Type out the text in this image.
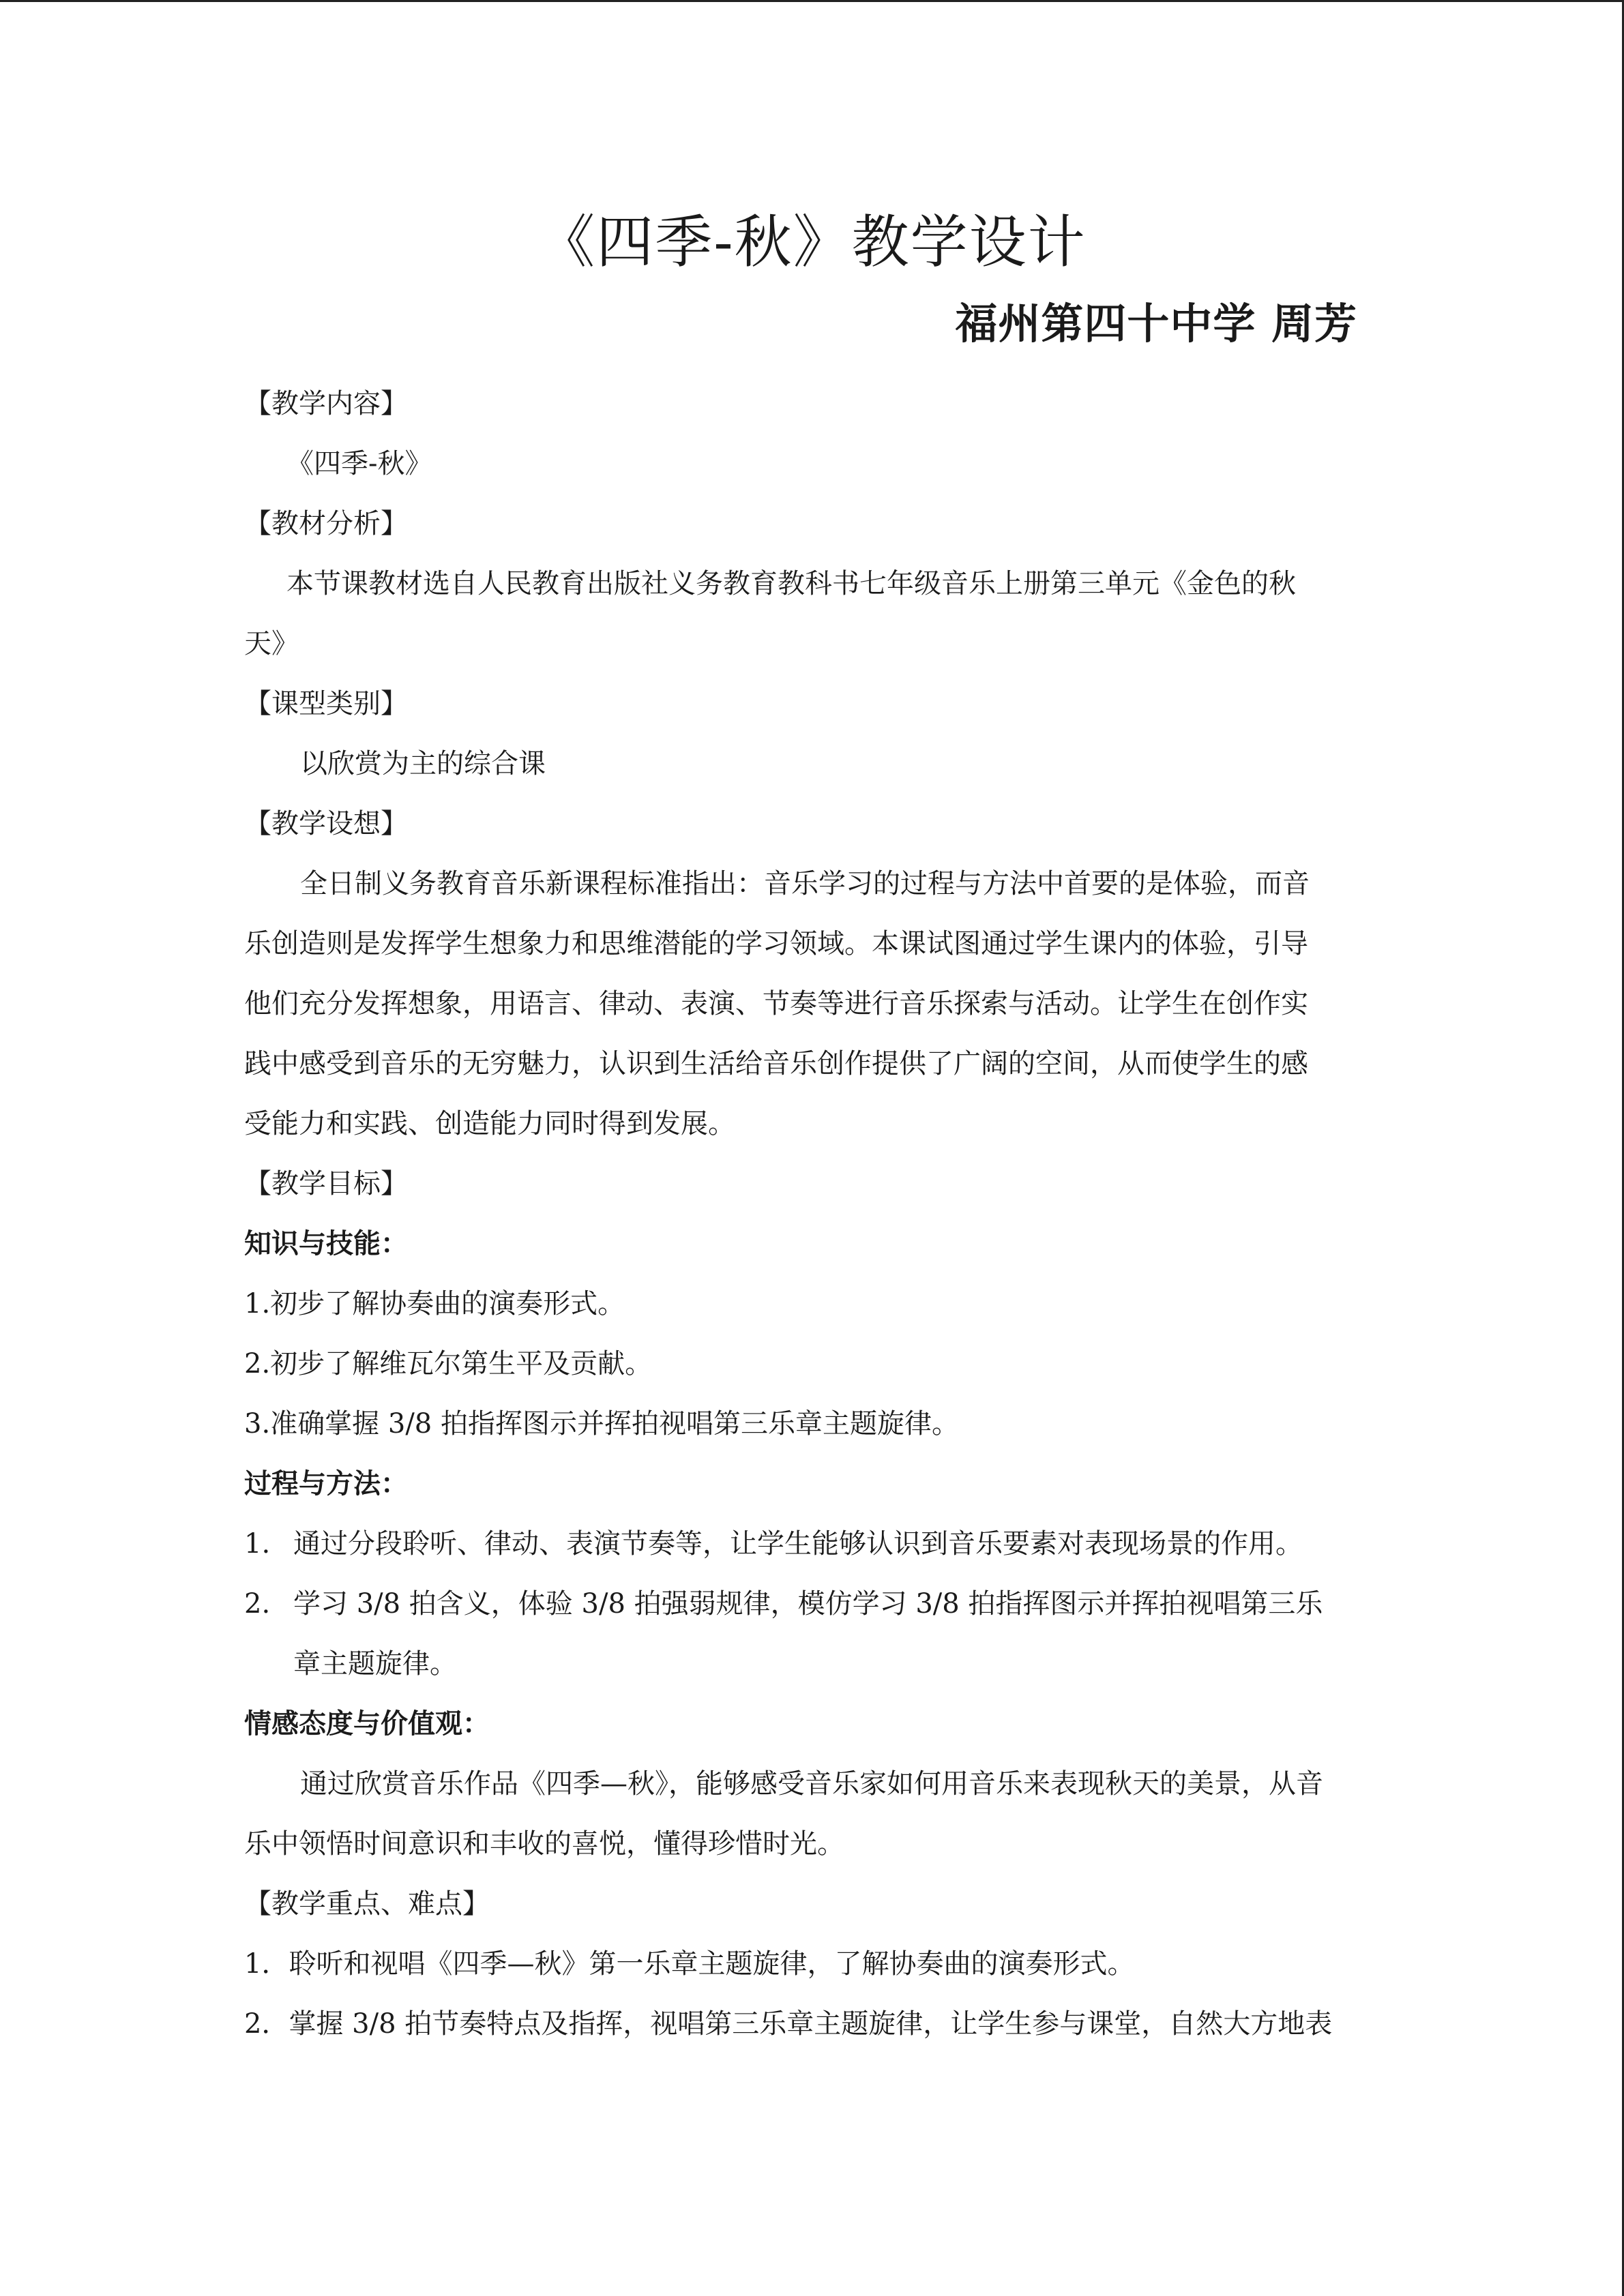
《四季-秋》教学设计
福州第四十中学 周芳
【教学内容】
《四季-秋》
【教材分析】
本节课教材选自人民教育出版社义务教育教科书七年级音乐上册第三单元《金色的秋
天》
【课型类别】
以欣赏为主的综合课
【教学设想】
全日制义务教育音乐新课程标准指出：音乐学习的过程与方法中首要的是体验，而音
乐创造则是发挥学生想象力和思维潜能的学习领域。本课试图通过学生课内的体验，引导
他们充分发挥想象，用语言、律动、表演、节奏等进行音乐探索与活动。让学生在创作实
践中感受到音乐的无穷魅力，认识到生活给音乐创作提供了广阔的空间，从而使学生的感
受能力和实践、创造能力同时得到发展。
【教学目标】
知识与技能：
1.初步了解协奏曲的演奏形式。
2.初步了解维瓦尔第生平及贡献。
3.准确掌握 3/8 拍指挥图示并挥拍视唱第三乐章主题旋律。
过程与方法：
1. 通过分段聆听、律动、表演节奏等，让学生能够认识到音乐要素对表现场景的作用。
2. 学习 3/8 拍含义，体验 3/8 拍强弱规律，模仿学习 3/8 拍指挥图示并挥拍视唱第三乐
章主题旋律。
情感态度与价值观：
通过欣赏音乐作品《四季—秋》，能够感受音乐家如何用音乐来表现秋天的美景，从音
乐中领悟时间意识和丰收的喜悦，懂得珍惜时光。
【教学重点、难点】
1．聆听和视唱《四季—秋》第一乐章主题旋律，了解协奏曲的演奏形式。
2．掌握 3/8 拍节奏特点及指挥，视唱第三乐章主题旋律，让学生参与课堂，自然大方地表
